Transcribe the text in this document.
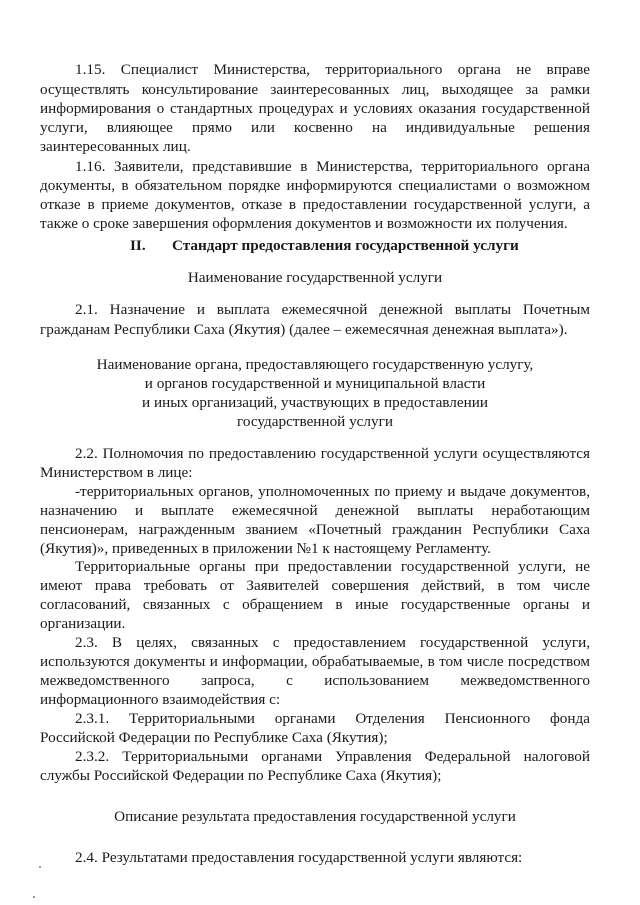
1.15. Специалист Министерства, территориального органа не вправе
осуществлять консультирование заинтересованных лиц, выходящее за рамки
информирования о стандартных процедурах и условиях оказания государственной
услуги, влияющее прямо или косвенно на индивидуальные решения
заинтересованных лиц.
1.16. Заявители, представившие в Министерства, территориального органа
документы, в обязательном порядке информируются специалистами о возможном
отказе в приеме документов, отказе в предоставлении государственной услуги, а
также о сроке завершения оформления документов и возможности их получения.
II. Стандарт предоставления государственной услуги
Наименование государственной услуги
2.1. Назначение и выплата ежемесячной денежной выплаты Почетным
гражданам Республики Саха (Якутия) (далее – ежемесячная денежная выплата»).
Наименование органа, предоставляющего государственную услугу,
и органов государственной и муниципальной власти
и иных организаций, участвующих в предоставлении
государственной услуги
2.2. Полномочия по предоставлению государственной услуги осуществляются
Министерством в лице:
-территориальных органов, уполномоченных по приему и выдаче документов,
назначению и выплате ежемесячной денежной выплаты неработающим
пенсионерам, награжденным званием «Почетный гражданин Республики Саха
(Якутия)», приведенных в приложении №1 к настоящему Регламенту.
Территориальные органы при предоставлении государственной услуги, не
имеют права требовать от Заявителей совершения действий, в том числе
согласований, связанных с обращением в иные государственные органы и
организации.
2.3. В целях, связанных с предоставлением государственной услуги,
используются документы и информации, обрабатываемые, в том числе посредством
межведомственного запроса, с использованием межведомственного
информационного взаимодействия с:
2.3.1. Территориальными органами Отделения Пенсионного фонда
Российской Федерации по Республике Саха (Якутия);
2.3.2. Территориальными органами Управления Федеральной налоговой
службы Российской Федерации по Республике Саха (Якутия);
Описание результата предоставления государственной услуги
2.4. Результатами предоставления государственной услуги являются:
